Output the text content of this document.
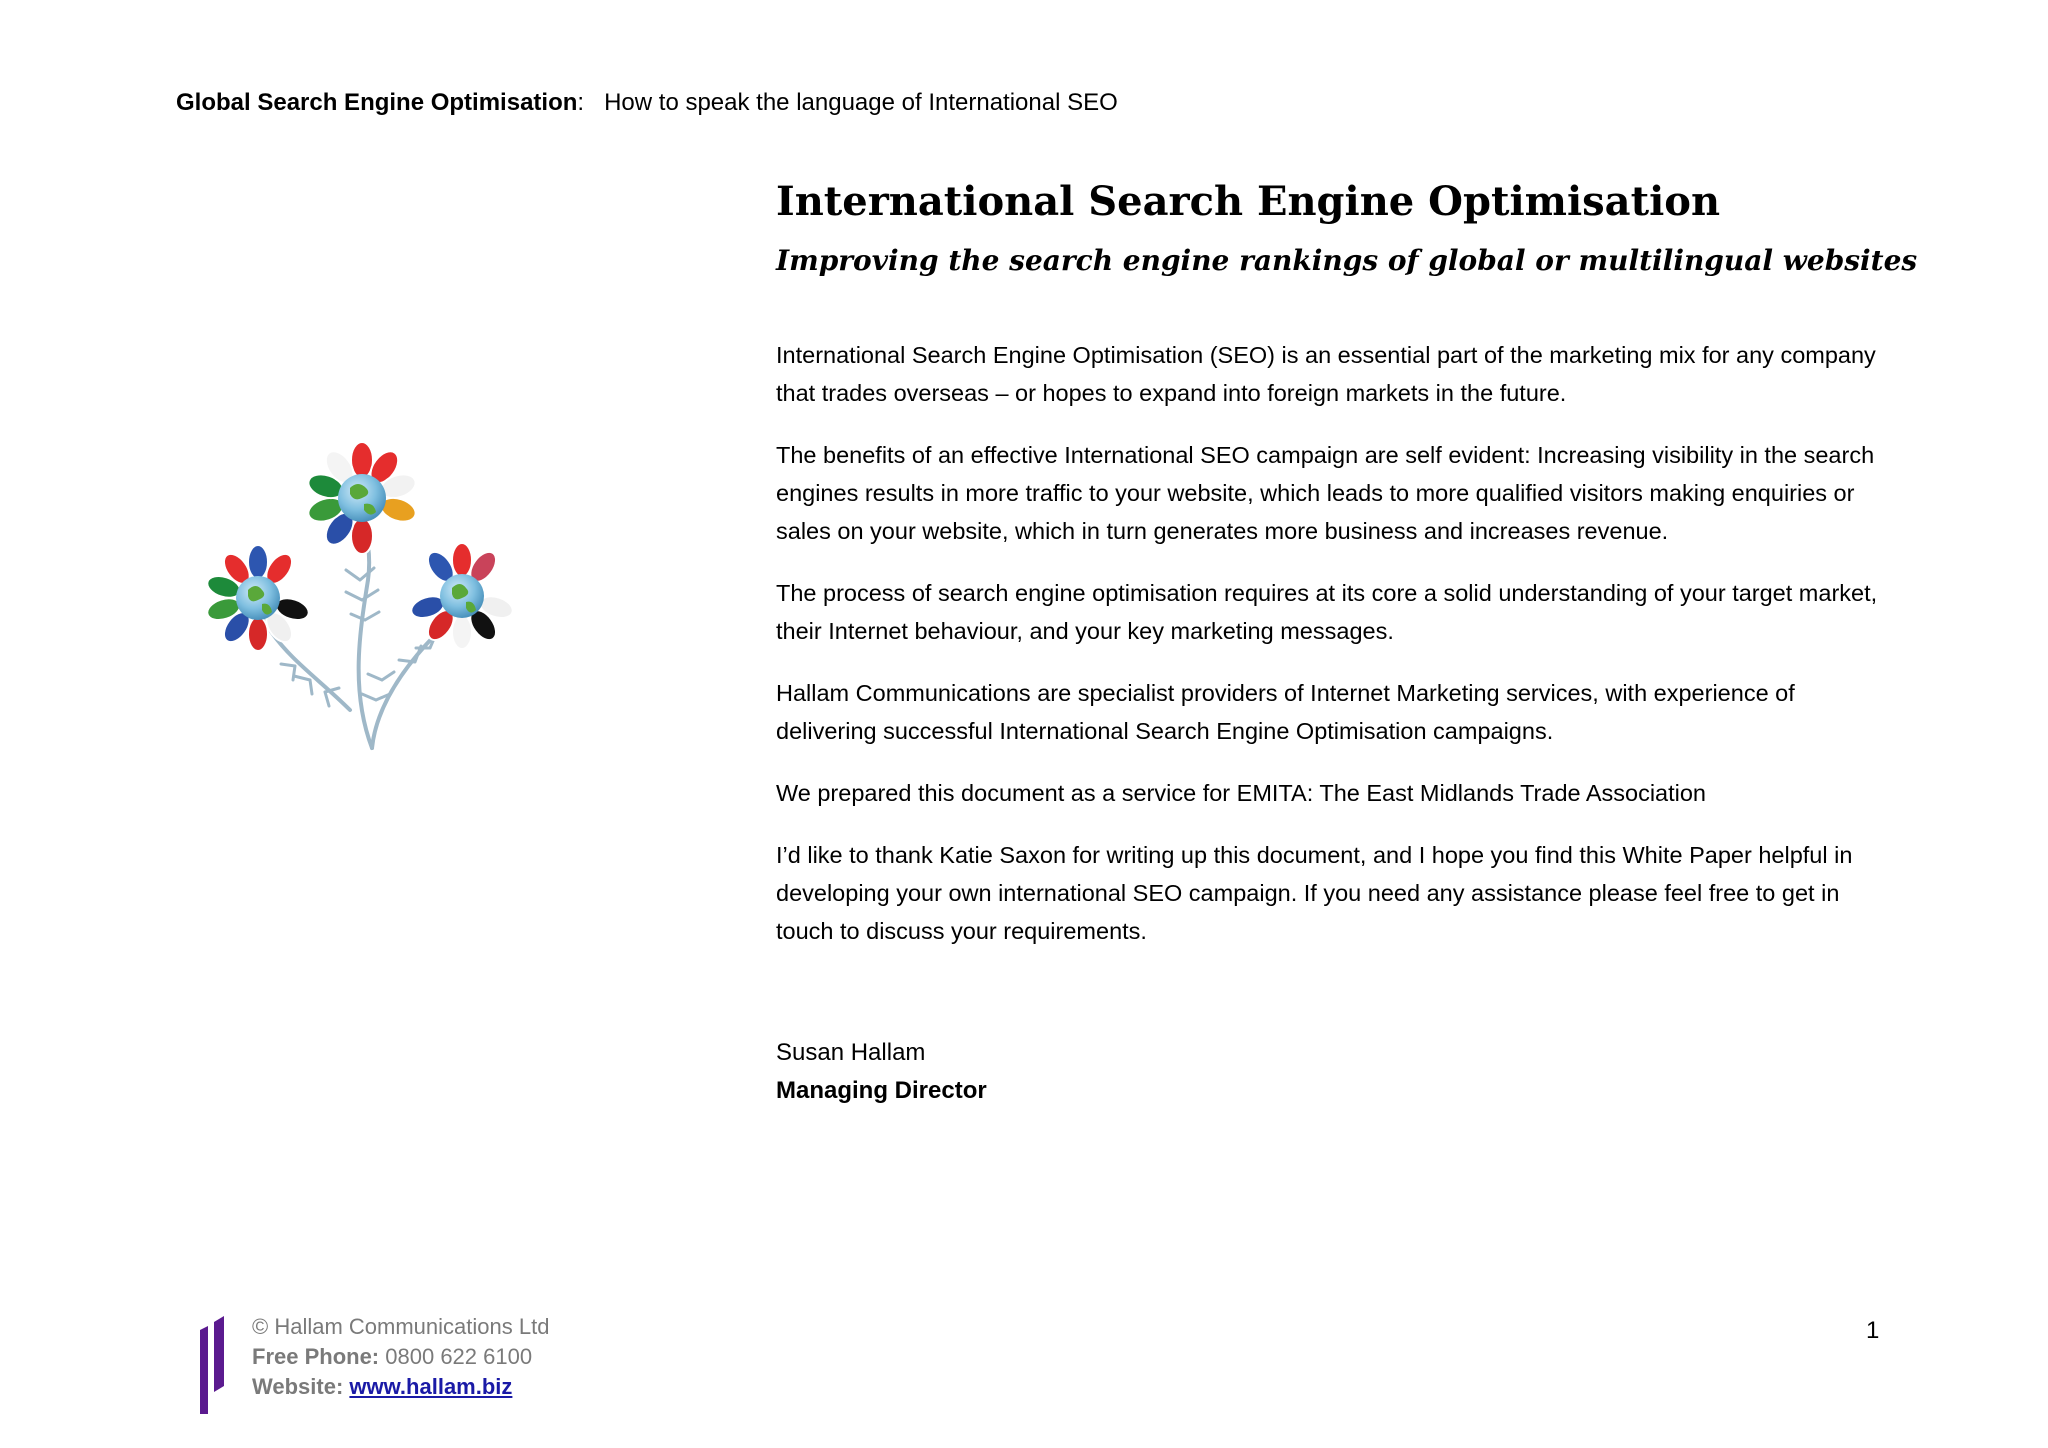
Global Search Engine Optimisation: How to speak the language of International SEO
International Search Engine Optimisation
Improving the search engine rankings of global or multilingual websites

International Search Engine Optimisation (SEO) is an essential part of the marketing mix for any company that trades overseas – or hopes to expand into foreign markets in the future.

The benefits of an effective International SEO campaign are self evident: Increasing visibility in the search engines results in more traffic to your website, which leads to more qualified visitors making enquiries or sales on your website, which in turn generates more business and increases revenue.

The process of search engine optimisation requires at its core a solid understanding of your target market, their Internet behaviour, and your key marketing messages.

Hallam Communications are specialist providers of Internet Marketing services, with experience of delivering successful International Search Engine Optimisation campaigns.

We prepared this document as a service for EMITA: The East Midlands Trade Association

I’d like to thank Katie Saxon for writing up this document, and I hope you find this White Paper helpful in developing your own international SEO campaign. If you need any assistance please feel free to get in touch to discuss your requirements.

Susan Hallam
Managing Director
© Hallam Communications Ltd
Free Phone: 0800 622 6100
Website: www.hallam.biz
1
